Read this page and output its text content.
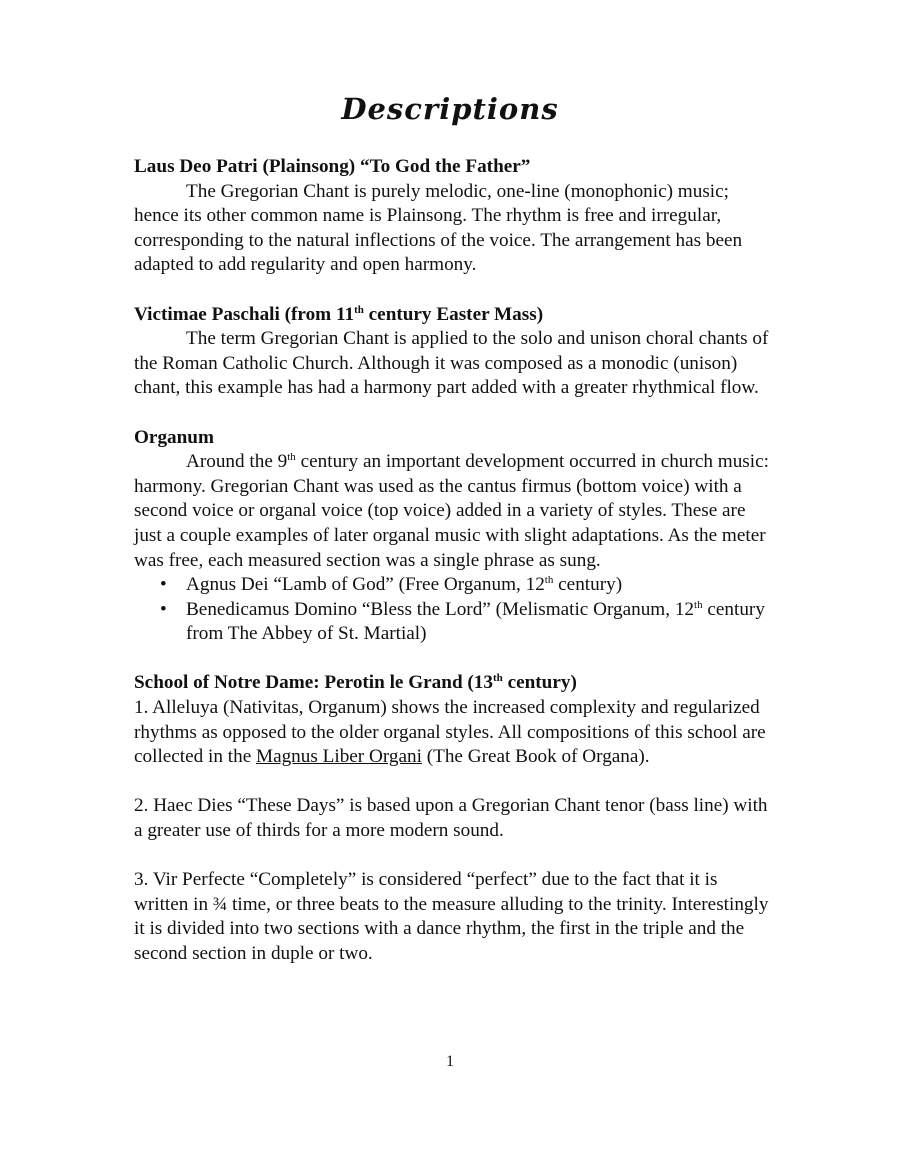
Descriptions

Laus Deo Patri (Plainsong) “To God the Father”

The Gregorian Chant is purely melodic, one-line (monophonic) music; hence its other common name is Plainsong. The rhythm is free and irregular, corresponding to the natural inflections of the voice. The arrangement has been adapted to add regularity and open harmony.

Victimae Paschali (from 11th century Easter Mass)

The term Gregorian Chant is applied to the solo and unison choral chants of the Roman Catholic Church. Although it was composed as a monodic (unison) chant, this example has had a harmony part added with a greater rhythmical flow.

Organum

Around the 9th century an important development occurred in church music: harmony. Gregorian Chant was used as the cantus firmus (bottom voice) with a second voice or organal voice (top voice) added in a variety of styles. These are just a couple examples of later organal music with slight adaptations. As the meter was free, each measured section was a single phrase as sung.

• Agnus Dei “Lamb of God” (Free Organum, 12th century)
• Benedicamus Domino “Bless the Lord” (Melismatic Organum, 12th century from The Abbey of St. Martial)

School of Notre Dame: Perotin le Grand (13th century)

1. Alleluya (Nativitas, Organum) shows the increased complexity and regularized rhythms as opposed to the older organal styles. All compositions of this school are collected in the Magnus Liber Organi (The Great Book of Organa).

2. Haec Dies “These Days” is based upon a Gregorian Chant tenor (bass line) with a greater use of thirds for a more modern sound.

3. Vir Perfecte “Completely” is considered “perfect” due to the fact that it is written in ¾ time, or three beats to the measure alluding to the trinity. Interestingly it is divided into two sections with a dance rhythm, the first in the triple and the second section in duple or two.

1
